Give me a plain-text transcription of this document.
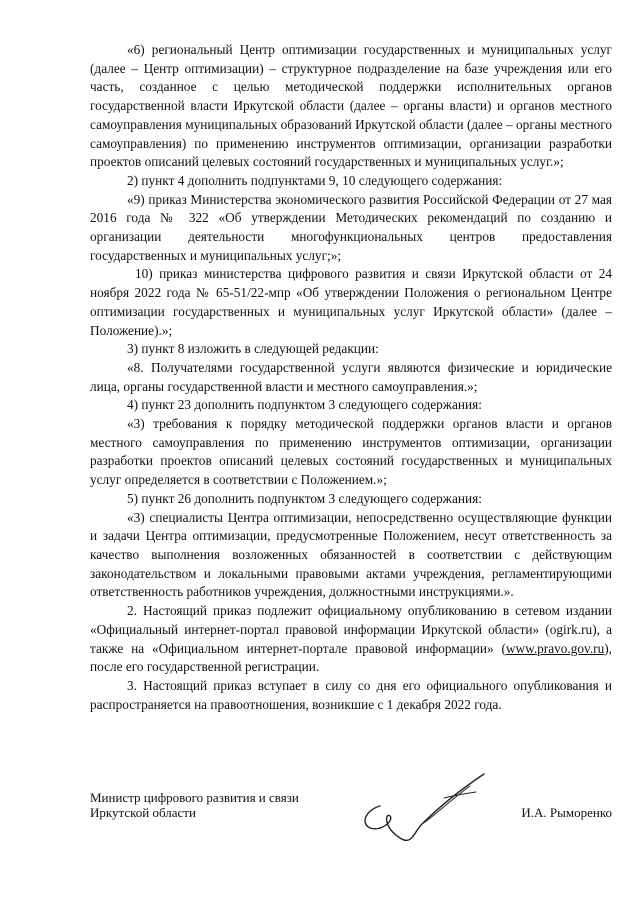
«6) региональный Центр оптимизации государственных и муниципальных услуг (далее – Центр оптимизации) – структурное подразделение на базе учреждения или его часть, созданное с целью методической поддержки исполнительных органов государственной власти Иркутской области (далее – органы власти) и органов местного самоуправления муниципальных образований Иркутской области (далее – органы местного самоуправления) по применению инструментов оптимизации, организации разработки проектов описаний целевых состояний государственных и муниципальных услуг.»;

2) пункт 4 дополнить подпунктами 9, 10 следующего содержания:

«9) приказ Министерства экономического развития Российской Федерации от 27 мая 2016 года № 322 «Об утверждении Методических рекомендаций по созданию и организации деятельности многофункциональных центров предоставления государственных и муниципальных услуг;»;

10) приказ министерства цифрового развития и связи Иркутской области от 24 ноября 2022 года № 65-51/22-мпр «Об утверждении Положения о региональном Центре оптимизации государственных и муниципальных услуг Иркутской области» (далее – Положение).»;

3) пункт 8 изложить в следующей редакции:

«8. Получателями государственной услуги являются физические и юридические лица, органы государственной власти и местного самоуправления.»;

4) пункт 23 дополнить подпунктом 3 следующего содержания:

«3) требования к порядку методической поддержки органов власти и органов местного самоуправления по применению инструментов оптимизации, организации разработки проектов описаний целевых состояний государственных и муниципальных услуг определяется в соответствии с Положением.»;

5) пункт 26 дополнить подпунктом 3 следующего содержания:

«3) специалисты Центра оптимизации, непосредственно осуществляющие функции и задачи Центра оптимизации, предусмотренные Положением, несут ответственность за качество выполнения возложенных обязанностей в соответствии с действующим законодательством и локальными правовыми актами учреждения, регламентирующими ответственность работников учреждения, должностными инструкциями.».

2. Настоящий приказ подлежит официальному опубликованию в сетевом издании «Официальный интернет-портал правовой информации Иркутской области» (ogirk.ru), а также на «Официальном интернет-портале правовой информации» (www.pravo.gov.ru), после его государственной регистрации.

3. Настоящий приказ вступает в силу со дня его официального опубликования и распространяется на правоотношения, возникшие с 1 декабря 2022 года.

Министр цифрового развития и связи
Иркутской области	И.А. Рыморенко
